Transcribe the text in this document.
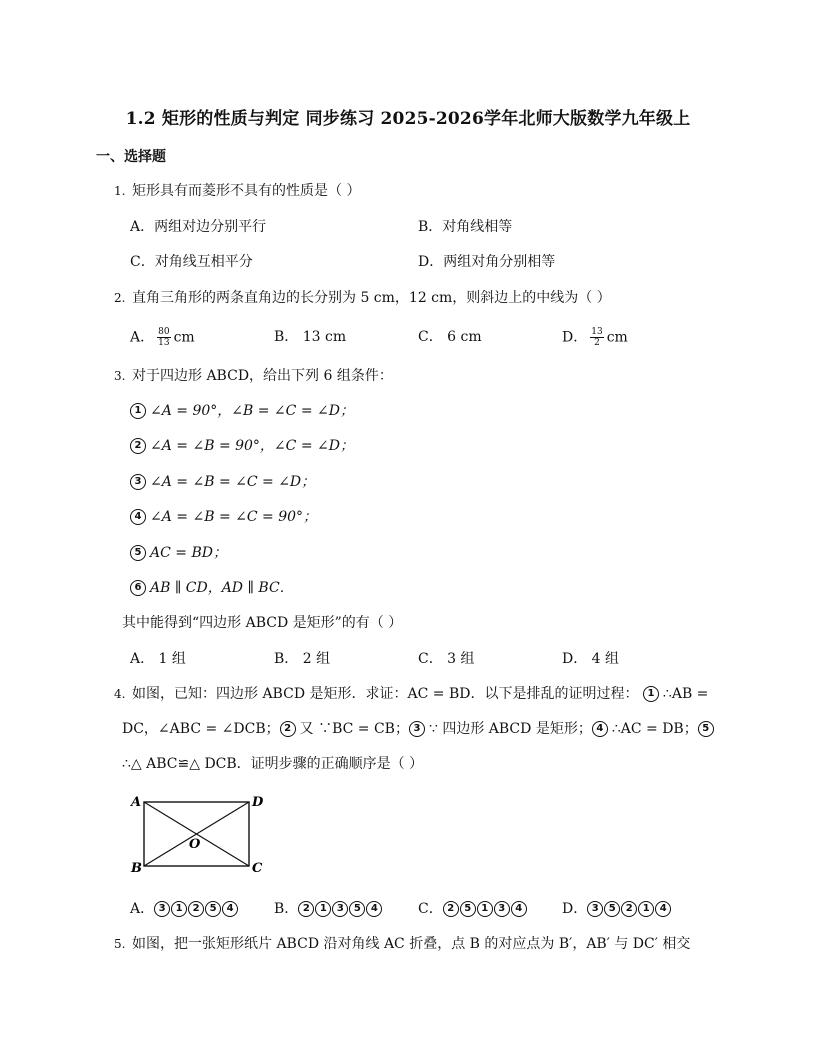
1.2 矩形的性质与判定 同步练习 2025-2026学年北师大版数学九年级上
一、选择题
1. 矩形具有而菱形不具有的性质是（ ）
A．两组对边分别平行	B．对角线相等
C．对角线互相平分	D．两组对角分别相等
2. 直角三角形的两条直角边的长分别为 5 cm，12 cm，则斜边上的中线为（ ）
A． $\frac{80}{13}$ cm	B． 13 cm	C． 6 cm	D． $\frac{13}{2}$ cm
3. 对于四边形 ABCD，给出下列 6 组条件：
1 ∠A = 90°，∠B = ∠C = ∠D；
2 ∠A = ∠B = 90°，∠C = ∠D；
3 ∠A = ∠B = ∠C = ∠D；
4 ∠A = ∠B = ∠C = 90°；
5 AC = BD；
6 AB ∥ CD，AD ∥ BC．
其中能得到“四边形 ABCD 是矩形”的有（ ）
A． 1 组	B． 2 组	C． 3 组	D． 4 组
4. 如图，已知：四边形 ABCD 是矩形．求证：AC = BD．以下是排乱的证明过程： 1 ∴AB =
DC，∠ABC = ∠DCB； 2 又 ∵BC = CB； 3 ∵ 四边形 ABCD 是矩形； 4 ∴AC = DB； 5
∴△ ABC≌△ DCB．证明步骤的正确顺序是（ ）
A	D
B	C
O
A． 3	1	2	5	4	B． 2	1	3	5	4	C． 2	5	1	3	4	D． 3	5	2	1	4
5. 如图，把一张矩形纸片 ABCD 沿对角线 AC 折叠，点 B 的对应点为 B′，AB′ 与 DC′ 相交
